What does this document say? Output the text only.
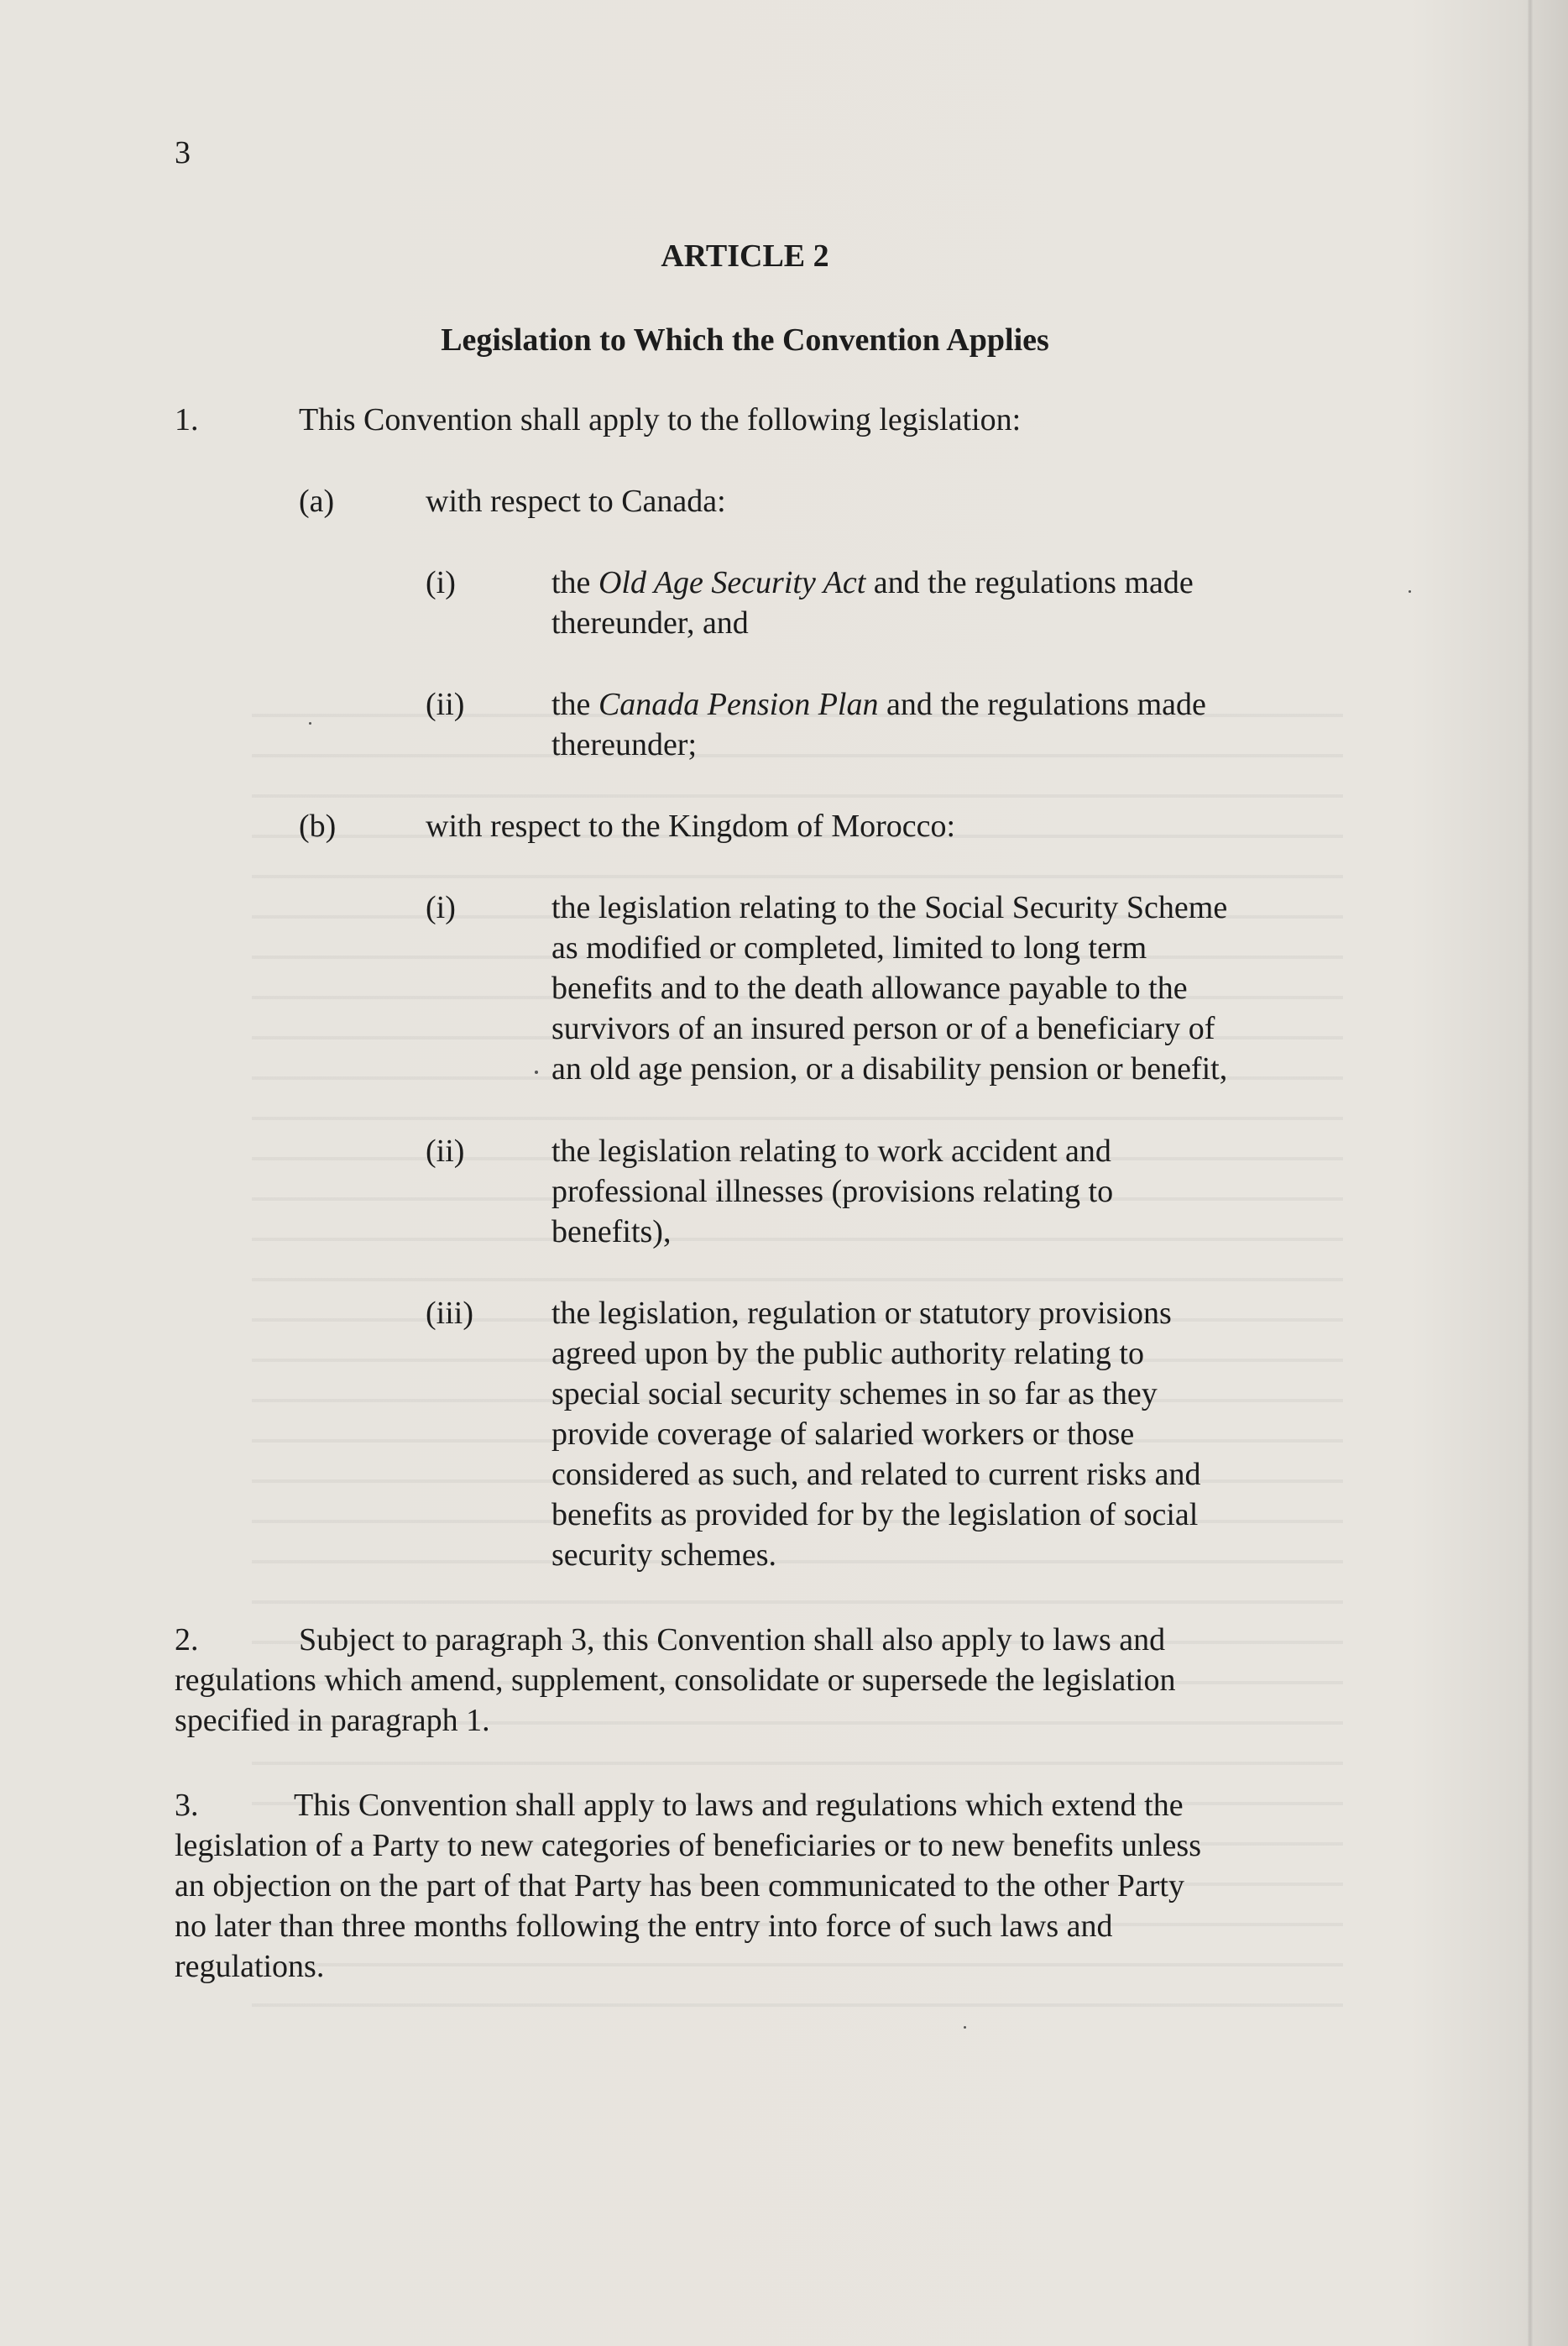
3
ARTICLE 2
Legislation to Which the Convention Applies
1.	This Convention shall apply to the following legislation:
(a)	with respect to Canada:
(i)	the Old Age Security Act and the regulations made
thereunder, and
(ii)	the Canada Pension Plan and the regulations made
thereunder;
(b)	with respect to the Kingdom of Morocco:
(i)	the legislation relating to the Social Security Scheme
as modified or completed, limited to long term
benefits and to the death allowance payable to the
survivors of an insured person or of a beneficiary of
an old age pension, or a disability pension or benefit,
(ii)	the legislation relating to work accident and
professional illnesses (provisions relating to
benefits),
(iii) the legislation, regulation or statutory provisions
agreed upon by the public authority relating to
special social security schemes in so far as they
provide coverage of salaried workers or those
considered as such, and related to current risks and
benefits as provided for by the legislation of social
security schemes.
2.	Subject to paragraph 3, this Convention shall also apply to laws and
regulations which amend, supplement, consolidate or supersede the legislation
specified in paragraph 1.
3.	This Convention shall apply to laws and regulations which extend the
legislation of a Party to new categories of beneficiaries or to new benefits unless
an objection on the part of that Party has been communicated to the other Party
no later than three months following the entry into force of such laws and
regulations.
